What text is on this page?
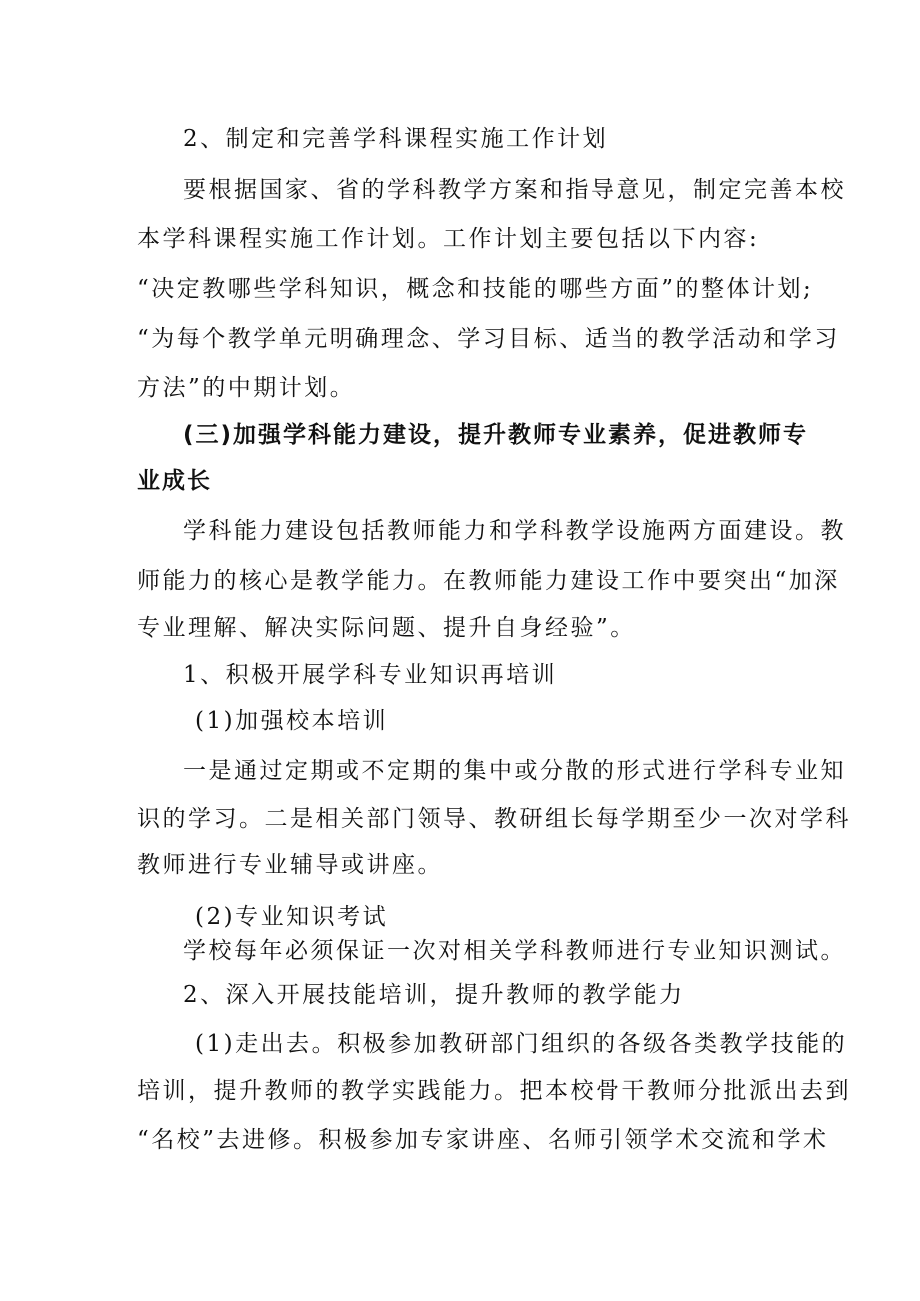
2、制定和完善学科课程实施工作计划
要根据国家、省的学科教学方案和指导意见，制定完善本校
本学科课程实施工作计划。工作计划主要包括以下内容:
“决定教哪些学科知识，概念和技能的哪些方面”的整体计划;
“为每个教学单元明确理念、学习目标、适当的教学活动和学习
方法”的中期计划。
(三)加强学科能力建设，提升教师专业素养，促进教师专
业成长
学科能力建设包括教师能力和学科教学设施两方面建设。教
师能力的核心是教学能力。在教师能力建设工作中要突出“加深
专业理解、解决实际问题、提升自身经验”。
1、积极开展学科专业知识再培训
(1)加强校本培训
一是通过定期或不定期的集中或分散的形式进行学科专业知
识的学习。二是相关部门领导、教研组长每学期至少一次对学科
教师进行专业辅导或讲座。
(2)专业知识考试
学校每年必须保证一次对相关学科教师进行专业知识测试。
2、深入开展技能培训，提升教师的教学能力
(1)走出去。积极参加教研部门组织的各级各类教学技能的
培训，提升教师的教学实践能力。把本校骨干教师分批派出去到
“名校”去进修。积极参加专家讲座、名师引领学术交流和学术
